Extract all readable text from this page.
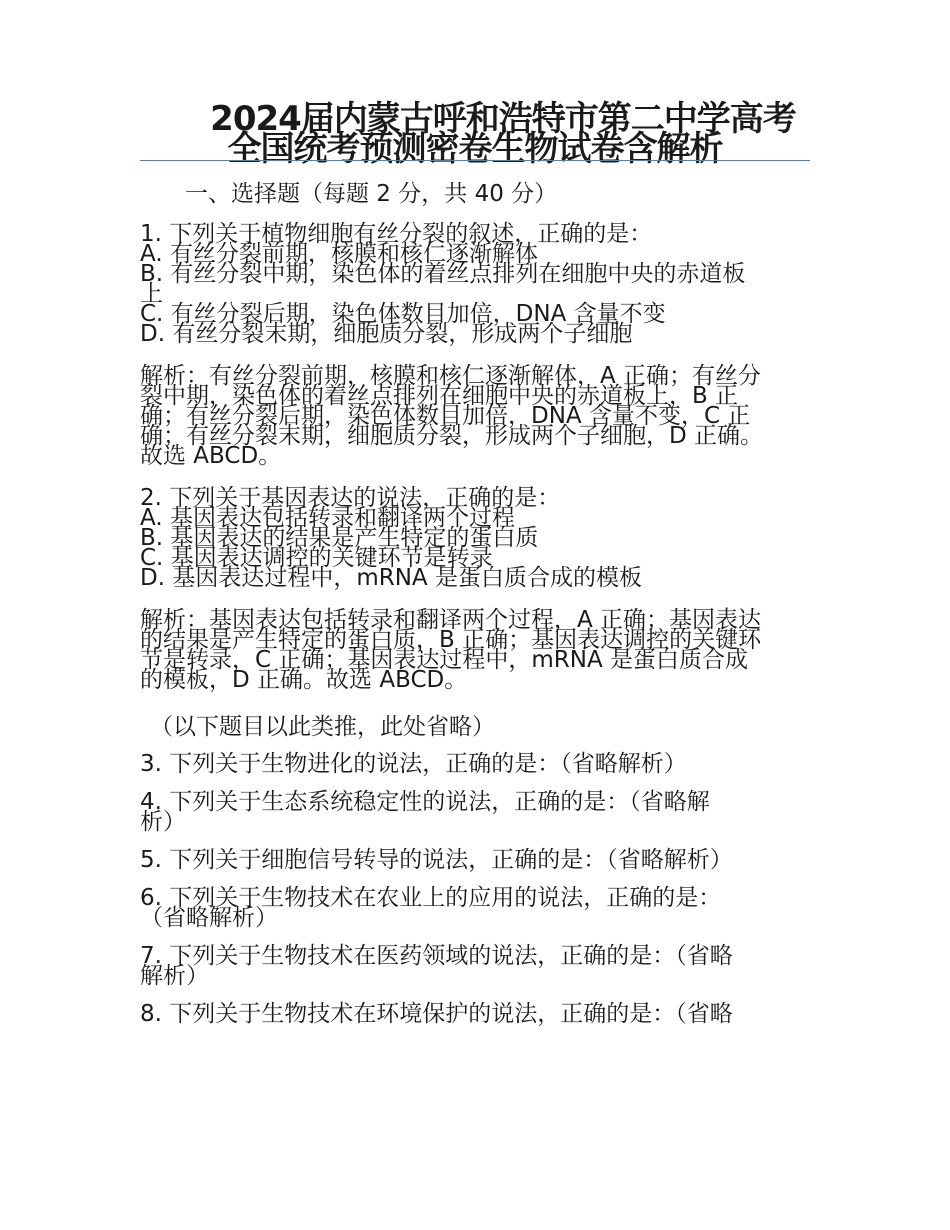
2024届内蒙古呼和浩特市第二中学高考
全国统考预测密卷生物试卷含解析
一、选择题（每题 2 分，共 40 分）
1. 下列关于植物细胞有丝分裂的叙述，正确的是：
A. 有丝分裂前期，核膜和核仁逐渐解体
B. 有丝分裂中期，染色体的着丝点排列在细胞中央的赤道板
上
C. 有丝分裂后期，染色体数目加倍，DNA 含量不变
D. 有丝分裂末期，细胞质分裂，形成两个子细胞
解析：有丝分裂前期，核膜和核仁逐渐解体，A 正确；有丝分
裂中期，染色体的着丝点排列在细胞中央的赤道板上，B 正
确；有丝分裂后期，染色体数目加倍，DNA 含量不变，C 正
确；有丝分裂末期，细胞质分裂，形成两个子细胞，D 正确。
故选 ABCD。
2. 下列关于基因表达的说法，正确的是：
A. 基因表达包括转录和翻译两个过程
B. 基因表达的结果是产生特定的蛋白质
C. 基因表达调控的关键环节是转录
D. 基因表达过程中，mRNA 是蛋白质合成的模板
解析：基因表达包括转录和翻译两个过程，A 正确；基因表达
的结果是产生特定的蛋白质，B 正确；基因表达调控的关键环
节是转录，C 正确；基因表达过程中，mRNA 是蛋白质合成
的模板，D 正确。故选 ABCD。
（以下题目以此类推，此处省略）
3. 下列关于生物进化的说法，正确的是：（省略解析）
4. 下列关于生态系统稳定性的说法，正确的是：（省略解
析）
5. 下列关于细胞信号转导的说法，正确的是：（省略解析）
6. 下列关于生物技术在农业上的应用的说法，正确的是：
（省略解析）
7. 下列关于生物技术在医药领域的说法，正确的是：（省略
解析）
8. 下列关于生物技术在环境保护的说法，正确的是：（省略
